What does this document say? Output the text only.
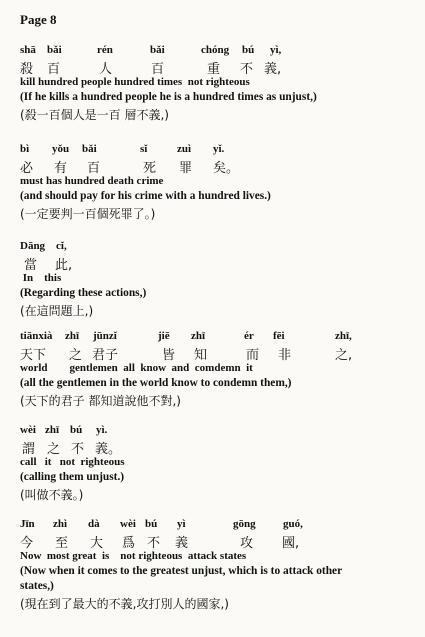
Page 8
shā bǎi	rén	bǎi	chóng bú yì,
殺 百	人	百	重 不 義,
kill hundred people hundred times  not righteous
(If he kills a hundred people he is a hundred times as unjust,)
(殺一百個人是一百 層不義,)
bì yǒu bǎi	sǐ	zuì yǐ.
必 有 百	死 罪 矣。
must has hundred death crime
(and should pay for his crime with a hundred lives.)
(一定要判一百個死罪了。)
Dāng cǐ,
當 此,
In    this
(Regarding these actions,)
(在這問題上,)
tiānxià zhī jūnzǐ	jiē zhī	ér fēi	zhī,
天下 之 君子	皆 知	而 非	之,
world        gentlemen  all  know  and  comdemn  it
(all the gentlemen in the world know to condemn them,)
(天下的君子 都知道說他不對,)
wèi zhī bú yì.
謂 之 不 義。
call   it   not  righteous
(calling them unjust.)
(叫做不義。)
Jīn zhì dà wèi bú yì	gōng guó,
今 至 大 爲 不 義	攻 國,
Now  most great  is    not righteous  attack states
(Now when it comes to the greatest unjust, which is to attack other
states,)
(現在到了最大的不義,攻打別人的國家,)
